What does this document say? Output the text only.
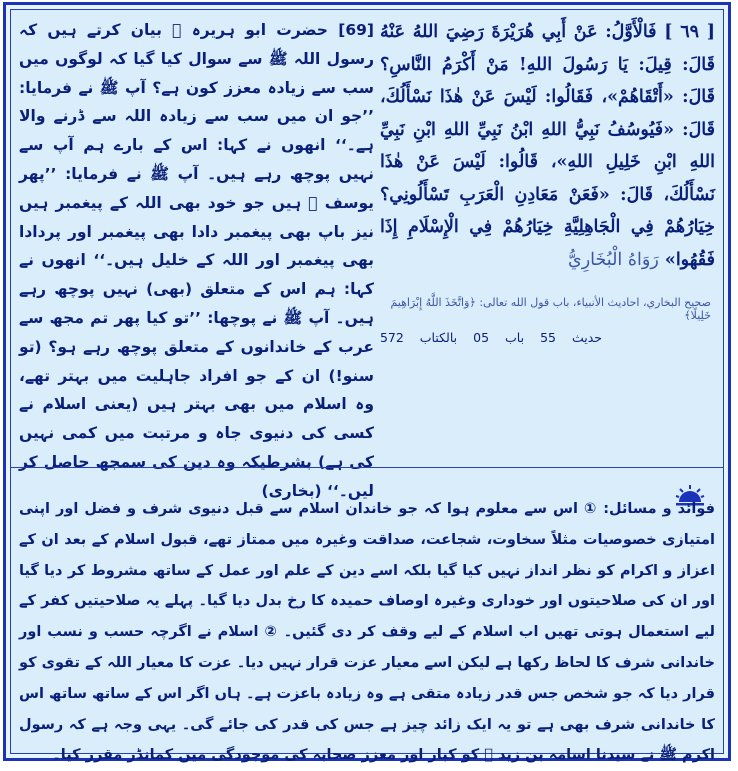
[ ٦٩ ] فَالْأَوَّلُ: عَنْ أَبِي هُرَيْرَةَ رَضِيَ اللهُ عَنْهُ قَالَ: قِيلَ: يَا رَسُولَ اللهِ! مَنْ أَكْرَمُ النَّاسِ؟ قَالَ: «أَتْقَاهُمْ»، فَقَالُوا: لَيْسَ عَنْ هٰذَا نَسْأَلُكَ، قَالَ: «فَيُوسُفُ نَبِيُّ اللهِ ابْنُ نَبِيِّ اللهِ ابْنِ نَبِيِّ اللهِ ابْنِ خَلِيلِ اللهِ»، قَالُوا: لَيْسَ عَنْ هٰذَا نَسْأَلُكَ، قَالَ: «فَعَنْ مَعَادِنِ الْعَرَبِ تَسْأَلُونِي؟ خِيَارُهُمْ فِي الْجَاهِلِيَّةِ خِيَارُهُمْ فِي الْإِسْلَامِ إِذَا فَقُهُوا» رَوَاهُ الْبُخَارِيُّ
صحيح البخاري، احاديث الأنبياء، باب قول الله تعالى: ﴿وَاتَّخَذَ اللَّهُ إِبْرَاهِيمَ خَلِيلًا﴾
572	حدیث 55 باب 05 بالکتاب
[69] حضرت ابو ہریرہ ﷛ بیان کرتے ہیں کہ رسول اللہ ﷺ سے سوال کیا گیا کہ لوگوں میں سب سے زیادہ معزز کون ہے؟ آپ ﷺ نے فرمایا: ’’جو ان میں سب سے زیادہ اللہ سے ڈرنے والا ہے۔‘‘ انھوں نے کہا: اس کے بارے ہم آپ سے نہیں پوچھ رہے ہیں۔ آپ ﷺ نے فرمایا: ’’پھر یوسف ﷤ ہیں جو خود بھی اللہ کے پیغمبر ہیں نیز باپ بھی پیغمبر دادا بھی پیغمبر اور پردادا بھی پیغمبر اور اللہ کے خلیل ہیں۔‘‘ انھوں نے کہا: ہم اس کے متعلق (بھی) نہیں پوچھ رہے ہیں۔ آپ ﷺ نے پوچھا: ’’تو کیا پھر تم مجھ سے عرب کے خاندانوں کے متعلق پوچھ رہے ہو؟ (تو سنو!) ان کے جو افراد جاہلیت میں بہتر تھے، وہ اسلام میں بھی بہتر ہیں (یعنی اسلام نے کسی کی دنیوی جاہ و مرتبت میں کمی نہیں کی ہے) بشرطیکہ وہ دین کی سمجھ حاصل کر لیں۔‘‘ (بخاری)
فوائد و مسائل: ① اس سے معلوم ہوا کہ جو خاندان اسلام سے قبل دنیوی شرف و فضل اور اپنی امتیازی خصوصیات مثلاً سخاوت، شجاعت، صداقت وغیرہ میں ممتاز تھے، قبول اسلام کے بعد ان کے اعزاز و اکرام کو نظر انداز نہیں کیا گیا بلکہ اسے دین کے علم اور عمل کے ساتھ مشروط کر دیا گیا اور ان کی صلاحیتوں اور خوداری وغیرہ اوصاف حمیدہ کا رخ بدل دیا گیا۔ پہلے یہ صلاحیتیں کفر کے لیے استعمال ہوتی تھیں اب اسلام کے لیے وقف کر دی گئیں۔ ② اسلام نے اگرچہ حسب و نسب اور خاندانی شرف کا لحاظ رکھا ہے لیکن اسے معیار عزت قرار نہیں دیا۔ عزت کا معیار اللہ کے تقوی کو قرار دیا کہ جو شخص جس قدر زیادہ متقی ہے وہ زیادہ باعزت ہے۔ ہاں اگر اس کے ساتھ ساتھ اس کا خاندانی شرف بھی ہے تو یہ ایک زائد چیز ہے جس کی قدر کی جائے گی۔ یہی وجہ ہے کہ رسول اکرم ﷺ نے سیدنا اسامہ بن زید ﷠ کو کبار اور معزز صحابہ کی موجودگی میں کمانڈر مقرر کیا۔
